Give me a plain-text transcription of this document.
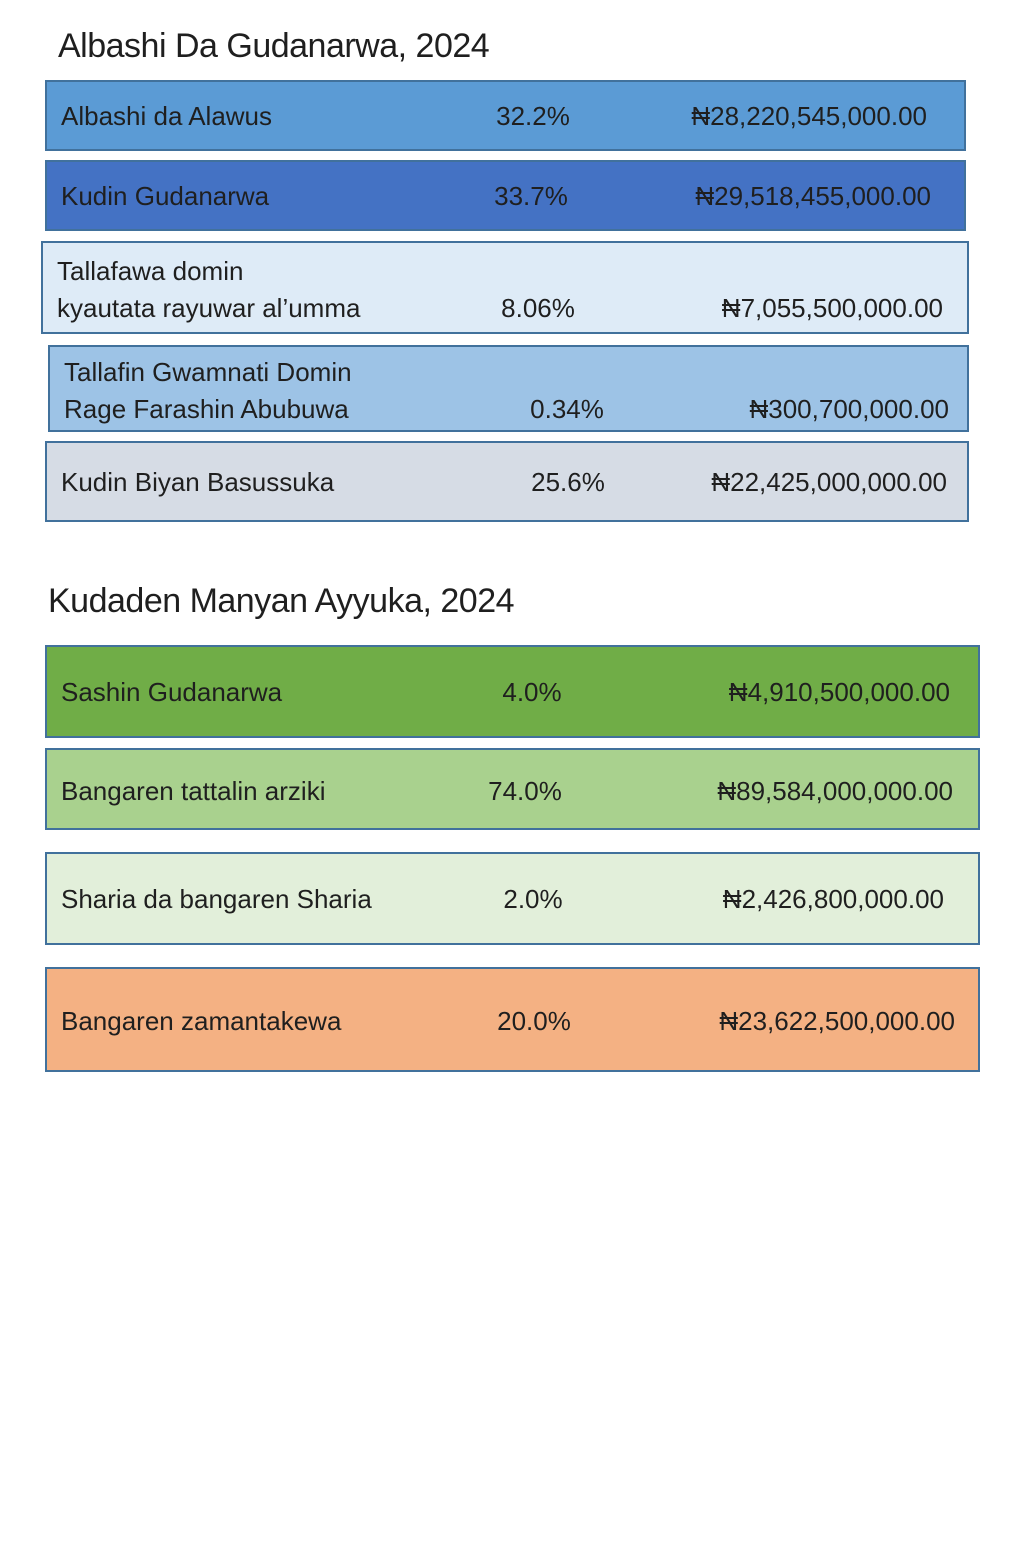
Albashi Da Gudanarwa, 2024
Albashi da Alawus	32.2%	₦28,220,545,000.00
Kudin Gudanarwa	33.7%	₦29,518,455,000.00
Tallafawa domin
kyautata rayuwar al’umma	8.06%	₦7,055,500,000.00
Tallafin Gwamnati Domin
Rage Farashin Abubuwa	0.34%	₦300,700,000.00
Kudin Biyan Basussuka	25.6%	₦22,425,000,000.00
Kudaden Manyan Ayyuka, 2024
Sashin Gudanarwa	4.0%	₦4,910,500,000.00
Bangaren tattalin arziki	74.0%	₦89,584,000,000.00
Sharia da bangaren Sharia	2.0%	₦2,426,800,000.00
Bangaren zamantakewa	20.0%	₦23,622,500,000.00
